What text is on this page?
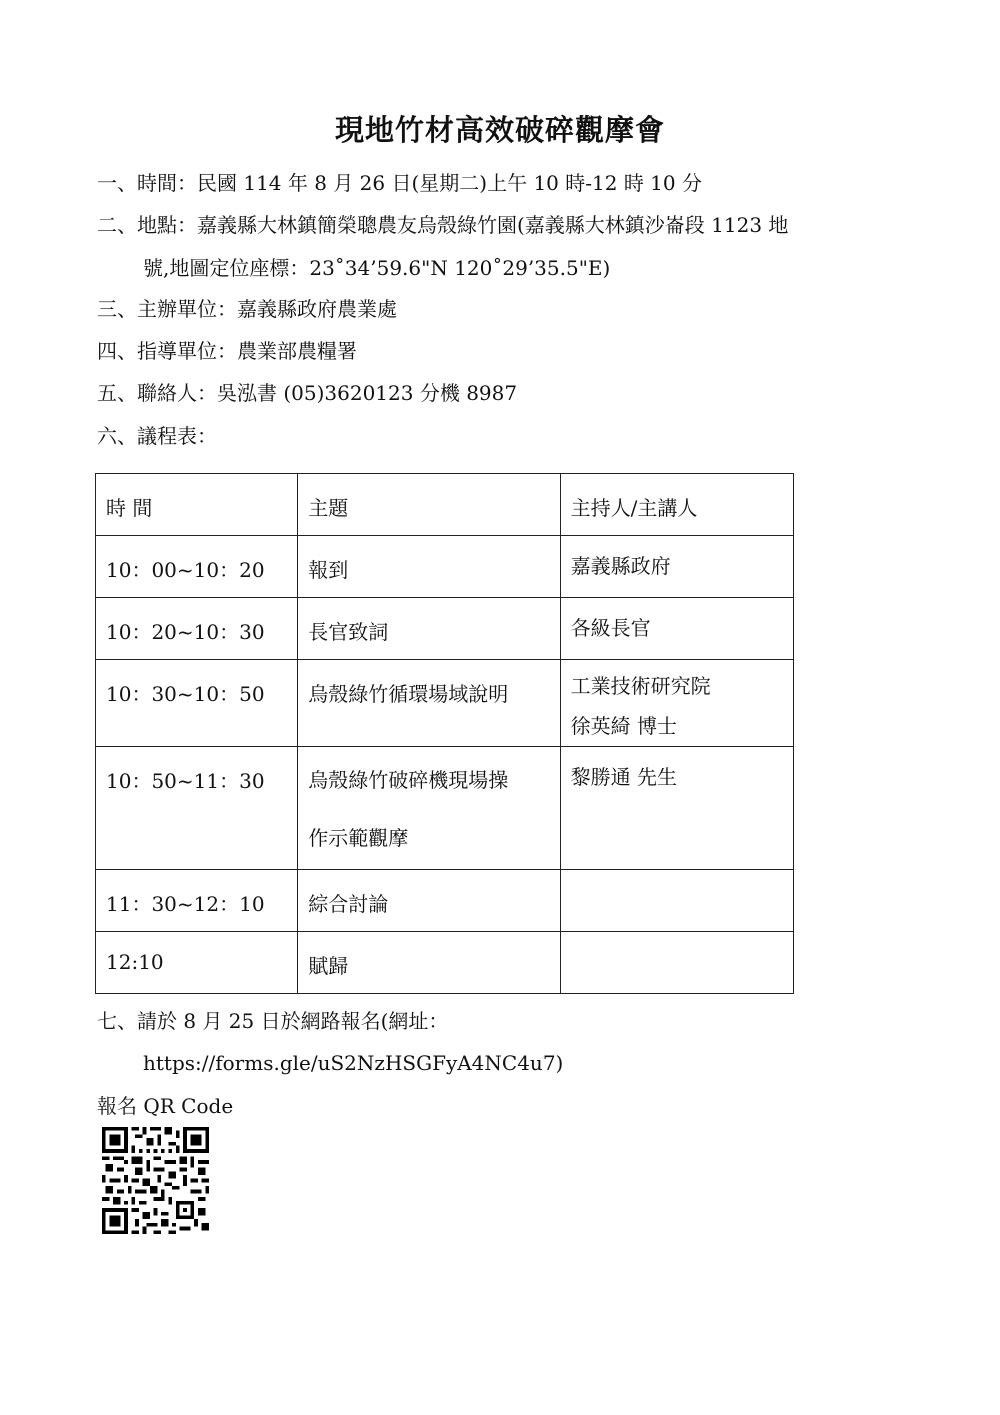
現地竹材高效破碎觀摩會
一、時間：民國 114 年 8 月 26 日(星期二)上午 10 時-12 時 10 分
二、地點：嘉義縣大林鎮簡榮聰農友烏殼綠竹園(嘉義縣大林鎮沙崙段 1123 地
號,地圖定位座標：23˚34’59.6"N 120˚29’35.5"E)
三、主辦單位：嘉義縣政府農業處
四、指導單位：農業部農糧署
五、聯絡人：吳泓書 (05)3620123 分機 8987
六、議程表：
時 間	主題	主持人/主講人

10：00~10：20	報到	嘉義縣政府

10：20~10：30	長官致詞	各級長官

10：30~10：50	烏殼綠竹循環場域說明	工業技術研究院
徐英綺 博士

10：50~11：30	烏殼綠竹破碎機現場操
作示範觀摩	黎勝通 先生

11：30~12：10	綜合討論	

12:10	賦歸	

七、請於 8 月 25 日於網路報名(網址：
https://forms.gle/uS2NzHSGFyA4NC4u7)
報名 QR Code
